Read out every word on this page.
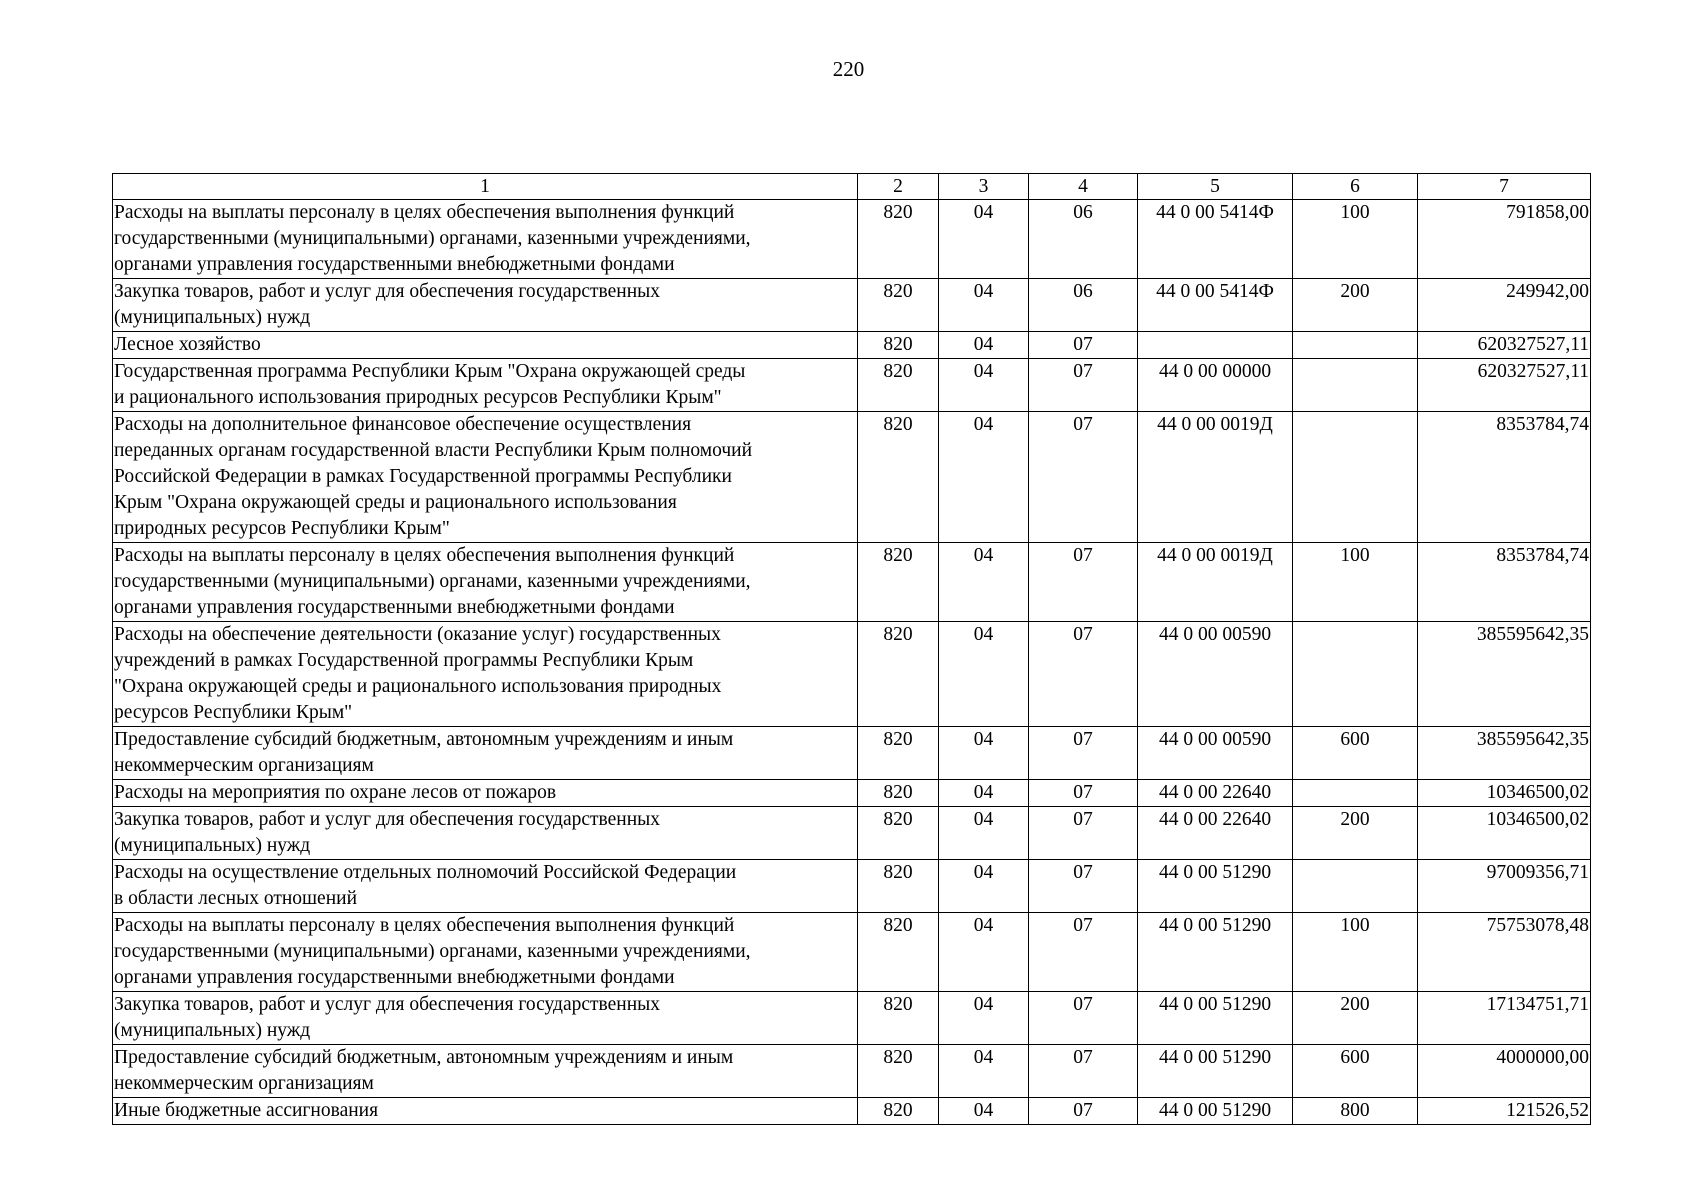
220
1	2	3	4	5	6	7

Расходы на выплаты персоналу в целях обеспечения выполнения функций
государственными (муниципальными) органами, казенными учреждениями,
органами управления государственными внебюджетными фондами	820	04	06	44 0 00 5414Ф	100	791858,00

Закупка товаров, работ и услуг для обеспечения государственных
(муниципальных) нужд	820	04	06	44 0 00 5414Ф	200	249942,00

Лесное хозяйство	820	04	07			620327527,11

Государственная программа Республики Крым "Охрана окружающей среды
и рационального использования природных ресурсов Республики Крым"	820	04	07	44 0 00 00000		620327527,11

Расходы на дополнительное финансовое обеспечение осуществления
переданных органам государственной власти Республики Крым полномочий
Российской Федерации в рамках Государственной программы Республики
Крым "Охрана окружающей среды и рационального использования
природных ресурсов Республики Крым"	820	04	07	44 0 00 0019Д		8353784,74

Расходы на выплаты персоналу в целях обеспечения выполнения функций
государственными (муниципальными) органами, казенными учреждениями,
органами управления государственными внебюджетными фондами	820	04	07	44 0 00 0019Д	100	8353784,74

Расходы на обеспечение деятельности (оказание услуг) государственных
учреждений в рамках Государственной программы Республики Крым
"Охрана окружающей среды и рационального использования природных
ресурсов Республики Крым"	820	04	07	44 0 00 00590		385595642,35

Предоставление субсидий бюджетным, автономным учреждениям и иным
некоммерческим организациям	820	04	07	44 0 00 00590	600	385595642,35

Расходы на мероприятия по охране лесов от пожаров	820	04	07	44 0 00 22640		10346500,02

Закупка товаров, работ и услуг для обеспечения государственных
(муниципальных) нужд	820	04	07	44 0 00 22640	200	10346500,02

Расходы на осуществление отдельных полномочий Российской Федерации
в области лесных отношений	820	04	07	44 0 00 51290		97009356,71

Расходы на выплаты персоналу в целях обеспечения выполнения функций
государственными (муниципальными) органами, казенными учреждениями,
органами управления государственными внебюджетными фондами	820	04	07	44 0 00 51290	100	75753078,48

Закупка товаров, работ и услуг для обеспечения государственных
(муниципальных) нужд	820	04	07	44 0 00 51290	200	17134751,71

Предоставление субсидий бюджетным, автономным учреждениям и иным
некоммерческим организациям	820	04	07	44 0 00 51290	600	4000000,00

Иные бюджетные ассигнования	820	04	07	44 0 00 51290	800	121526,52
